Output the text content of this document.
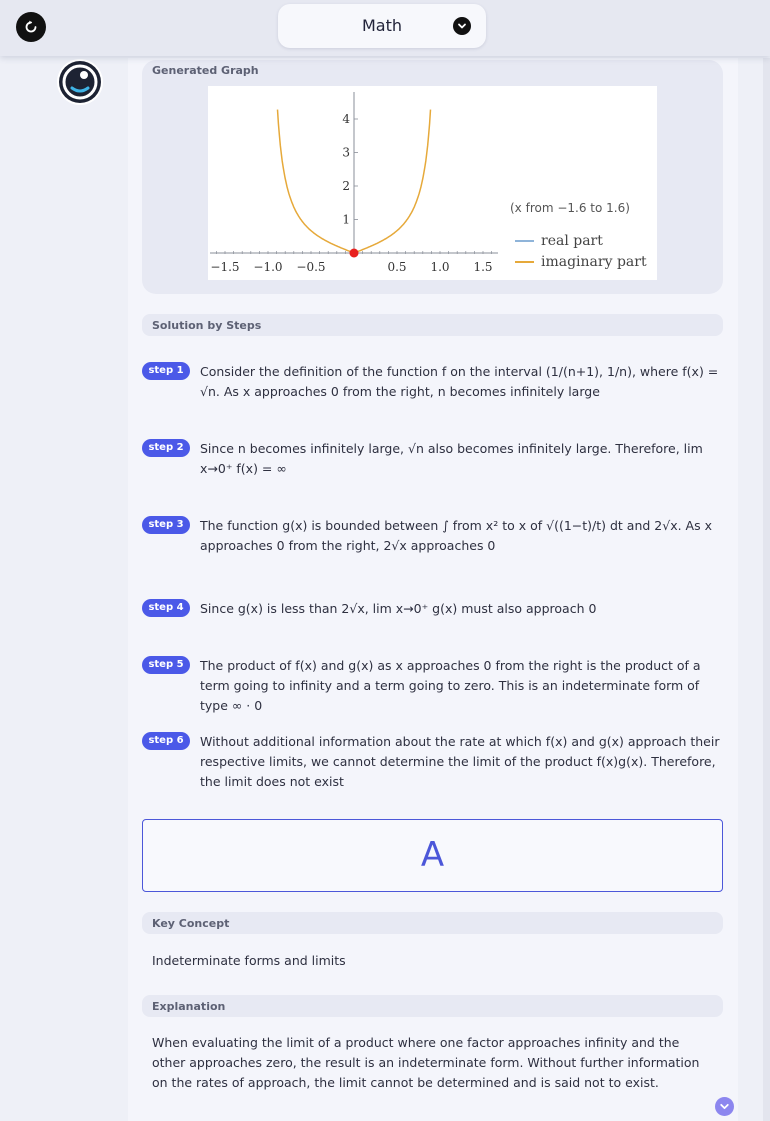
Math
Generated Graph
−1.5 −1.0 −0.5	0.5 1.0 1.5
1
2
3
4
(x from −1.6 to 1.6)
real part
imaginary part
Solution by Steps
step 1	Consider the definition of the function f on the interval (1/(n+1), 1/n), where f(x) = √n. As x approaches 0 from the right, n becomes infinitely large
step 2	Since n becomes infinitely large, √n also becomes infinitely large. Therefore, lim x→0⁺ f(x) = ∞
step 3	The function g(x) is bounded between ∫ from x² to x of √((1−t)/t) dt and 2√x. As x approaches 0 from the right, 2√x approaches 0
step 4	Since g(x) is less than 2√x, lim x→0⁺ g(x) must also approach 0
step 5	The product of f(x) and g(x) as x approaches 0 from the right is the product of a term going to infinity and a term going to zero. This is an indeterminate form of type ∞ · 0
step 6	Without additional information about the rate at which f(x) and g(x) approach their respective limits, we cannot determine the limit of the product f(x)g(x). Therefore, the limit does not exist
A
Key Concept
Indeterminate forms and limits
Explanation
When evaluating the limit of a product where one factor approaches infinity and the other approaches zero, the result is an indeterminate form. Without further information on the rates of approach, the limit cannot be determined and is said not to exist.
